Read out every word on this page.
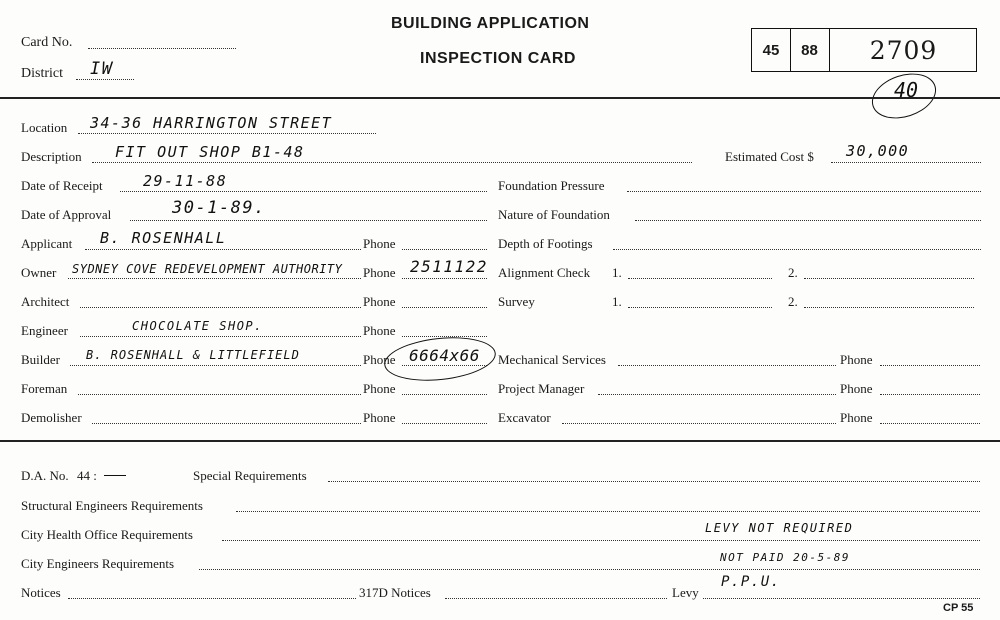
Card No.
District IW
BUILDING APPLICATION
INSPECTION CARD	45	88	2709
40
Location 34-36 HARRINGTON STREET
Description FIT OUT SHOP B1-48
Date of Receipt	29-11-88
Date of Approval	30-1-89.
Applicant B. ROSENHALL	Phone
Owner SYDNEY COVE REDEVELOPMENT AUTHORITY Phone 2511122
Architect	Phone
Engineer	CHOCOLATE SHOP.	Phone
Builder B. ROSENHALL & LITTLEFIELD	Phone 6664x66
Foreman	Phone
Demolisher	Phone
Estimated Cost $ 30,000
Foundation Pressure
Nature of Foundation
Depth of Footings
Alignment Check 1.	2.
Survey	1.	2.
Mechanical Services	Phone
Project Manager	Phone
Excavator	Phone
D.A. No. 44 :	Special Requirements
Structural Engineers Requirements
City Health Office Requirements	LEVY NOT REQUIRED
City Engineers Requirements	NOT PAID 20-5-89
Notices	317D Notices	Levy
P.P.U.
CP 55
